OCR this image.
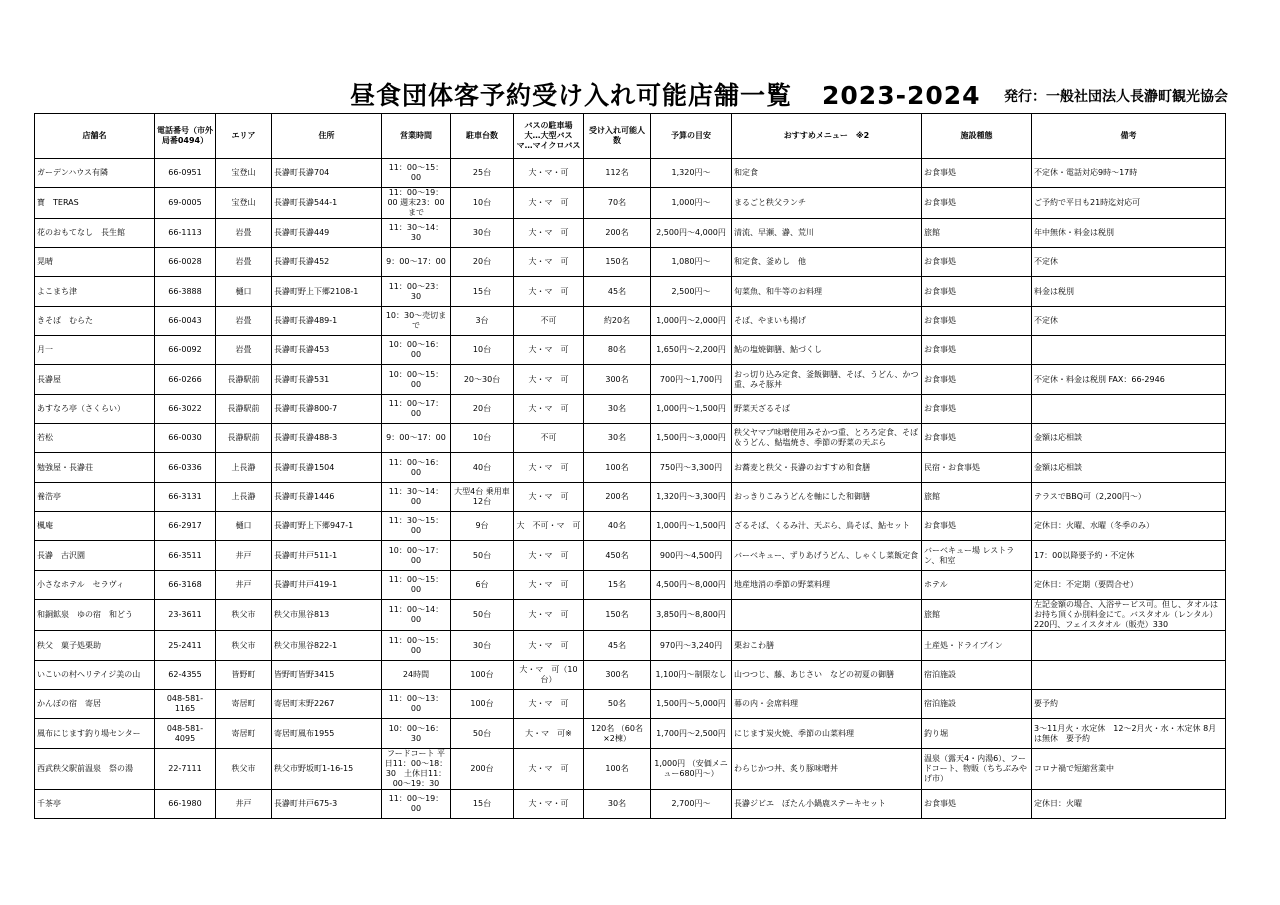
昼食団体客予約受け入れ可能店舗一覧 2023-2024 発行：一般社団法人長瀞町観光協会
店舗名	電話番号（市外局番0494）	エリア	住所	営業時間	駐車台数	バスの駐車場 大…大型バス マ…マイクロバス	受け入れ可能人数	予算の目安	おすすめメニュー　※2	施設種態	備考
ガーデンハウス有隣	66-0951	宝登山	長瀞町長瀞704	11：00～15：00	25台	大・マ・可	112名	1,320円～	和定食	お食事処	不定休・電話対応9時～17時
寳　TERAS	69-0005	宝登山	長瀞町長瀞544-1	11：00～19：00 週末23：00まで	10台	大・マ　可	70名	1,000円～	まるごと秩父ランチ	お食事処	ご予約で平日も21時迄対応可
花のおもてなし　長生館	66-1113	岩畳	長瀞町長瀞449	11：30～14：30	30台	大・マ　可	200名	2,500円～4,000円	清流、早瀬、瀞、荒川	旅館	年中無休・料金は税別
晃晴	66-0028	岩畳	長瀞町長瀞452	9：00～17：00	20台	大・マ　可	150名	1,080円～	和定食、釜めし　他	お食事処	不定休
よこまち津	66-3888	樋口	長瀞町野上下郷2108-1	11：00～23：30	15台	大・マ　可	45名	2,500円～	旬菜魚、和牛等のお料理	お食事処	料金は税別
きそば　むらた	66-0043	岩畳	長瀞町長瀞489-1	10：30～売切まで	3台	不可	約20名	1,000円～2,000円	そば、やまいも揚げ	お食事処	不定休
月一	66-0092	岩畳	長瀞町長瀞453	10：00～16：00	10台	大・マ　可	80名	1,650円～2,200円	鮎の塩焼御膳、鮎づくし	お食事処	
長瀞屋	66-0266	長瀞駅前	長瀞町長瀞531	10：00～15：00	20～30台	大・マ　可	300名	700円～1,700円	おっ切り込み定食、釜飯御膳、そば、うどん、かつ重、みそ豚丼	お食事処	不定休・料金は税別 FAX：66-2946
あすなろ亭（さくらい）	66-3022	長瀞駅前	長瀞町長瀞800-7	11：00～17：00	20台	大・マ　可	30名	1,000円～1,500円	野菜天ざるそば	お食事処	
若松	66-0030	長瀞駅前	長瀞町長瀞488-3	9：00～17：00	10台	不可	30名	1,500円～3,000円	秩父ヤマブ味噌使用みそかつ重、とろろ定食、そば＆うどん、鮎塩焼き、季節の野菜の天ぷら	お食事処	金額は応相談
勉強屋・長瀞荘	66-0336	上長瀞	長瀞町長瀞1504	11：00～16：00	40台	大・マ　可	100名	750円～3,300円	お蕎麦と秩父・長瀞のおすすめ和食膳	民宿・お食事処	金額は応相談
養浩亭	66-3131	上長瀞	長瀞町長瀞1446	11：30～14：00	大型4台 乗用車12台	大・マ　可	200名	1,320円～3,300円	おっきりこみうどんを軸にした和御膳	旅館	テラスでBBQ可（2,200円～）
楓庵	66-2917	樋口	長瀞町野上下郷947-1	11：30～15：00	9台	大　不可・マ　可	40名	1,000円～1,500円	ざるそば、くるみ汁、天ぷら、鳥そば、鮎セット	お食事処	定休日：火曜、水曜（冬季のみ）
長瀞　古沢園	66-3511	井戸	長瀞町井戸511-1	10：00～17：00	50台	大・マ　可	450名	900円～4,500円	バーベキュー、ずりあげうどん、しゃくし菜飯定食	バーベキュー場 レストラン、和室	17：00以降要予約・不定休
小さなホテル　セラヴィ	66-3168	井戸	長瀞町井戸419-1	11：00～15：00	6台	大・マ　可	15名	4,500円～8,000円	地産地消の季節の野菜料理	ホテル	定休日：不定期（要問合せ）
和銅鉱泉　ゆの宿　和どう	23-3611	秩父市	秩父市黒谷813	11：00～14：00	50台	大・マ　可	150名	3,850円～8,800円		旅館	左記金額の場合、入浴サービス可。但し、タオルはお持ち頂くか別料金にて。バスタオル（レンタル）220円、フェイスタオル（販売）330
秩父　菓子処栗助	25-2411	秩父市	秩父市黒谷822-1	11：00～15：00	30台	大・マ　可	45名	970円～3,240円	栗おこわ膳	土産処・ドライブイン	
いこいの村ヘリテイジ美の山	62-4355	皆野町	皆野町皆野3415	24時間	100台	大・マ　可（10台）	300名	1,100円～制限なし	山つつじ、藤、あじさい　などの初夏の御膳	宿泊施設	
かんぽの宿　寄居	048-581-1165	寄居町	寄居町末野2267	11：00～13：00	100台	大・マ　可	50名	1,500円～5,000円	幕の内・会席料理	宿泊施設	要予約
風布にじます釣り場センター	048-581-4095	寄居町	寄居町風布1955	10：00～16：30	50台	大・マ　可※	120名 （60名×2棟）	1,700円～2,500円	にじます炭火焼、季節の山菜料理	釣り堀	3～11月火・水定休　12～2月火・水・木定休 8月は無休　要予約
西武秩父駅前温泉　祭の湯	22-7111	秩父市	秩父市野坂町1-16-15	フードコート 平　日11：00～18：30　土休日11：00～19：30	200台	大・マ　可	100名	1,000円 （安価メニュー680円～）	わらじかつ丼、炙り豚味噌丼	温泉（露天4・内湯6）、フードコート、物販（ちちぶみやげ市）	コロナ禍で短縮営業中
千茶亭	66-1980	井戸	長瀞町井戸675-3	11：00～19：00	15台	大・マ・可	30名	2,700円～	長瀞ジビエ　ぼたん小鍋鹿ステーキセット	お食事処	定休日：火曜
